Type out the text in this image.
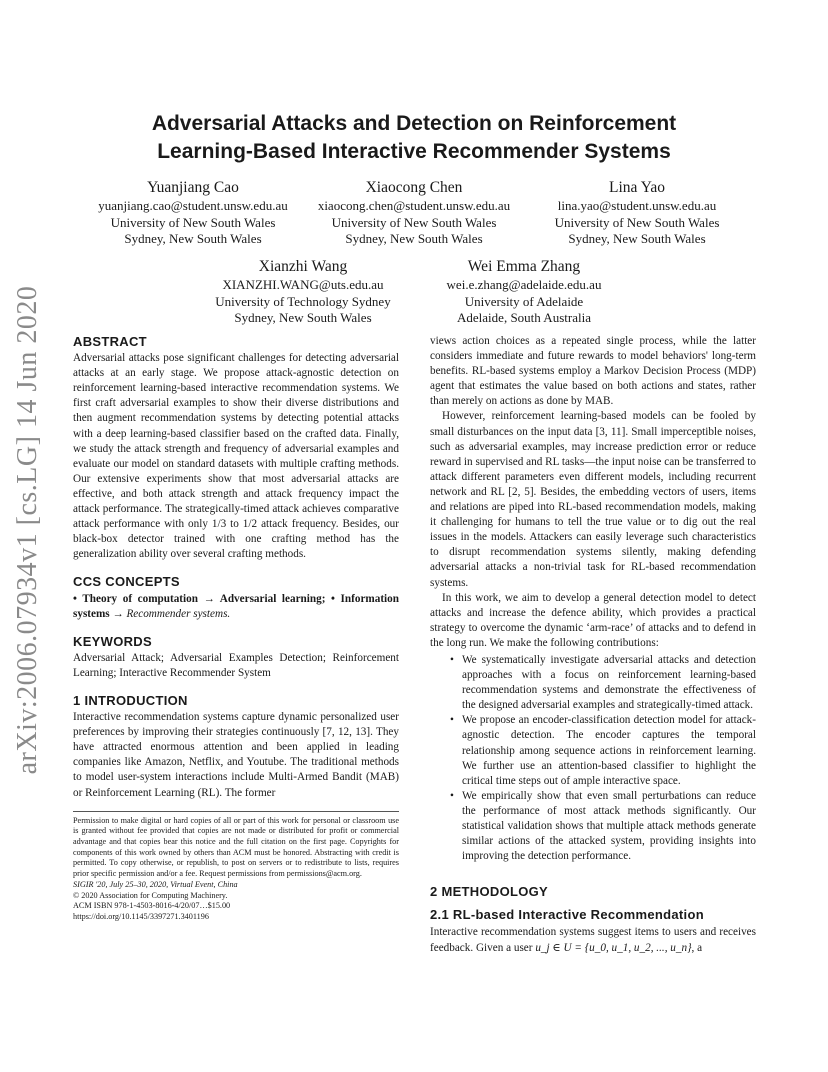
arXiv:2006.07934v1 [cs.LG] 14 Jun 2020
Adversarial Attacks and Detection on Reinforcement
Learning-Based Interactive Recommender Systems
Yuanjiang Cao
yuanjiang.cao@student.unsw.edu.au
University of New South Wales
Sydney, New South Wales
Xiaocong Chen
xiaocong.chen@student.unsw.edu.au
University of New South Wales
Sydney, New South Wales
Lina Yao
lina.yao@student.unsw.edu.au
University of New South Wales
Sydney, New South Wales
Xianzhi Wang
XIANZHI.WANG@uts.edu.au
University of Technology Sydney
Sydney, New South Wales
Wei Emma Zhang
wei.e.zhang@adelaide.edu.au
University of Adelaide
Adelaide, South Australia
ABSTRACT

Adversarial attacks pose significant challenges for detecting adversarial attacks at an early stage. We propose attack-agnostic detection on reinforcement learning-based interactive recommendation systems. We first craft adversarial examples to show their diverse distributions and then augment recommendation systems by detecting potential attacks with a deep learning-based classifier based on the crafted data. Finally, we study the attack strength and frequency of adversarial examples and evaluate our model on standard datasets with multiple crafting methods. Our extensive experiments show that most adversarial attacks are effective, and both attack strength and attack frequency impact the attack performance. The strategically-timed attack achieves comparative attack performance with only 1/3 to 1/2 attack frequency. Besides, our black-box detector trained with one crafting method has the generalization ability over several crafting methods.

CCS CONCEPTS

• Theory of computation → Adversarial learning; • Information systems → Recommender systems.

KEYWORDS

Adversarial Attack; Adversarial Examples Detection; Reinforcement Learning; Interactive Recommender System

1 INTRODUCTION

Interactive recommendation systems capture dynamic personalized user preferences by improving their strategies continuously [7, 12, 13]. They have attracted enormous attention and been applied in leading companies like Amazon, Netflix, and Youtube. The traditional methods to model user-system interactions include Multi-Armed Bandit (MAB) or Reinforcement Learning (RL). The former

Permission to make digital or hard copies of all or part of this work for personal or classroom use is granted without fee provided that copies are not made or distributed for profit or commercial advantage and that copies bear this notice and the full citation on the first page. Copyrights for components of this work owned by others than ACM must be honored. Abstracting with credit is permitted. To copy otherwise, or republish, to post on servers or to redistribute to lists, requires prior specific permission and/or a fee. Request permissions from permissions@acm.org.
SIGIR '20, July 25–30, 2020, Virtual Event, China
© 2020 Association for Computing Machinery.
ACM ISBN 978-1-4503-8016-4/20/07…$15.00
https://doi.org/10.1145/3397271.3401196

views action choices as a repeated single process, while the latter considers immediate and future rewards to model behaviors' long-term benefits. RL-based systems employ a Markov Decision Process (MDP) agent that estimates the value based on both actions and states, rather than merely on actions as done by MAB.

However, reinforcement learning-based models can be fooled by small disturbances on the input data [3, 11]. Small imperceptible noises, such as adversarial examples, may increase prediction error or reduce reward in supervised and RL tasks—the input noise can be transferred to attack different parameters even different models, including recurrent network and RL [2, 5]. Besides, the embedding vectors of users, items and relations are piped into RL-based recommendation models, making it challenging for humans to tell the true value or to dig out the real issues in the models. Attackers can easily leverage such characteristics to disrupt recommendation systems silently, making defending adversarial attacks a non-trivial task for RL-based recommendation systems.

In this work, we aim to develop a general detection model to detect attacks and increase the defence ability, which provides a practical strategy to overcome the dynamic ‘arm-race’ of attacks and to defend in the long run. We make the following contributions:

• We systematically investigate adversarial attacks and detection approaches with a focus on reinforcement learning-based recommendation systems and demonstrate the effectiveness of the designed adversarial examples and strategically-timed attack.
• We propose an encoder-classification detection model for attack-agnostic detection. The encoder captures the temporal relationship among sequence actions in reinforcement learning. We further use an attention-based classifier to highlight the critical time steps out of ample interactive space.
• We empirically show that even small perturbations can reduce the performance of most attack methods significantly. Our statistical validation shows that multiple attack methods generate similar actions of the attacked system, providing insights into improving the detection performance.
2 METHODOLOGY
2.1 RL-based Interactive Recommendation

Interactive recommendation systems suggest items to users and receives feedback. Given a user u_j ∈ U = {u_0, u_1, u_2, ..., u_n}, a
